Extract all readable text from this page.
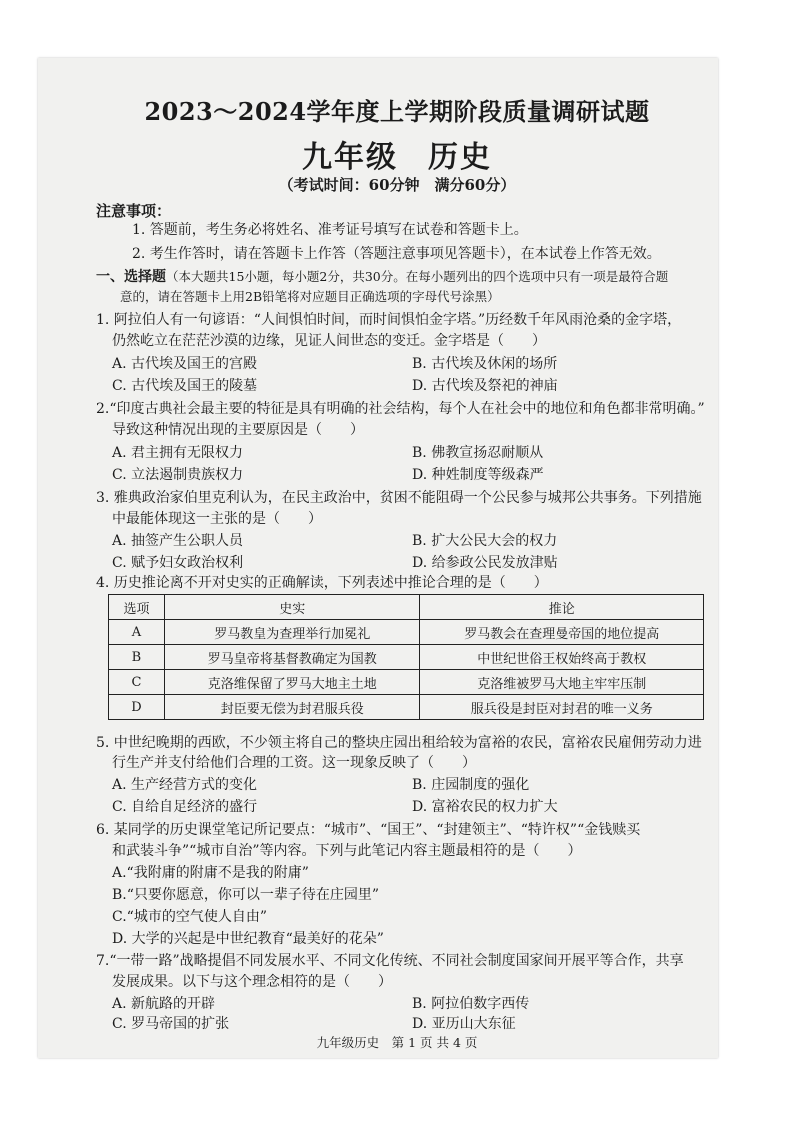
2023～2024学年度上学期阶段质量调研试题
九年级 历史
（考试时间：60分钟　满分60分）
注意事项：
1. 答题前，考生务必将姓名、准考证号填写在试卷和答题卡上。
2. 考生作答时，请在答题卡上作答（答题注意事项见答题卡），在本试卷上作答无效。
一、选择题（本大题共15小题，每小题2分，共30分。在每小题列出的四个选项中只有一项是最符合题
意的，请在答题卡上用2B铅笔将对应题目正确选项的字母代号涂黑）
1. 阿拉伯人有一句谚语：“人间惧怕时间，而时间惧怕金字塔。”历经数千年风雨沧桑的金字塔，
仍然屹立在茫茫沙漠的边缘，见证人间世态的变迁。金字塔是（　　）
A. 古代埃及国王的宫殿	B. 古代埃及休闲的场所
C. 古代埃及国王的陵墓	D. 古代埃及祭祀的神庙
2.“印度古典社会最主要的特征是具有明确的社会结构，每个人在社会中的地位和角色都非常明确。”
导致这种情况出现的主要原因是（　　）
A. 君主拥有无限权力	B. 佛教宣扬忍耐顺从
C. 立法遏制贵族权力	D. 种姓制度等级森严
3. 雅典政治家伯里克利认为，在民主政治中，贫困不能阻碍一个公民参与城邦公共事务。下列措施
中最能体现这一主张的是（　　）
A. 抽签产生公职人员	B. 扩大公民大会的权力
C. 赋予妇女政治权利	D. 给参政公民发放津贴
4. 历史推论离不开对史实的正确解读，下列表述中推论合理的是（　　）
选项	史实	推论
A	罗马教皇为查理举行加冕礼	罗马教会在查理曼帝国的地位提高
B	罗马皇帝将基督教确定为国教	中世纪世俗王权始终高于教权
C	克洛维保留了罗马大地主土地	克洛维被罗马大地主牢牢压制
D	封臣要无偿为封君服兵役	服兵役是封臣对封君的唯一义务
5. 中世纪晚期的西欧，不少领主将自己的整块庄园出租给较为富裕的农民，富裕农民雇佣劳动力进
行生产并支付给他们合理的工资。这一现象反映了（　　）
A. 生产经营方式的变化	B. 庄园制度的强化
C. 自给自足经济的盛行	D. 富裕农民的权力扩大
6. 某同学的历史课堂笔记所记要点：“城市”、“国王”、“封建领主”、“特许权”“金钱赎买
和武装斗争”“城市自治”等内容。下列与此笔记内容主题最相符的是（　　）
A.“我附庸的附庸不是我的附庸”
B.“只要你愿意，你可以一辈子待在庄园里”
C.“城市的空气使人自由”
D. 大学的兴起是中世纪教育“最美好的花朵”
7.“一带一路”战略提倡不同发展水平、不同文化传统、不同社会制度国家间开展平等合作，共享
发展成果。以下与这个理念相符的是（　　）
A. 新航路的开辟	B. 阿拉伯数字西传
C. 罗马帝国的扩张	D. 亚历山大东征
九年级历史　第 1 页 共 4 页
